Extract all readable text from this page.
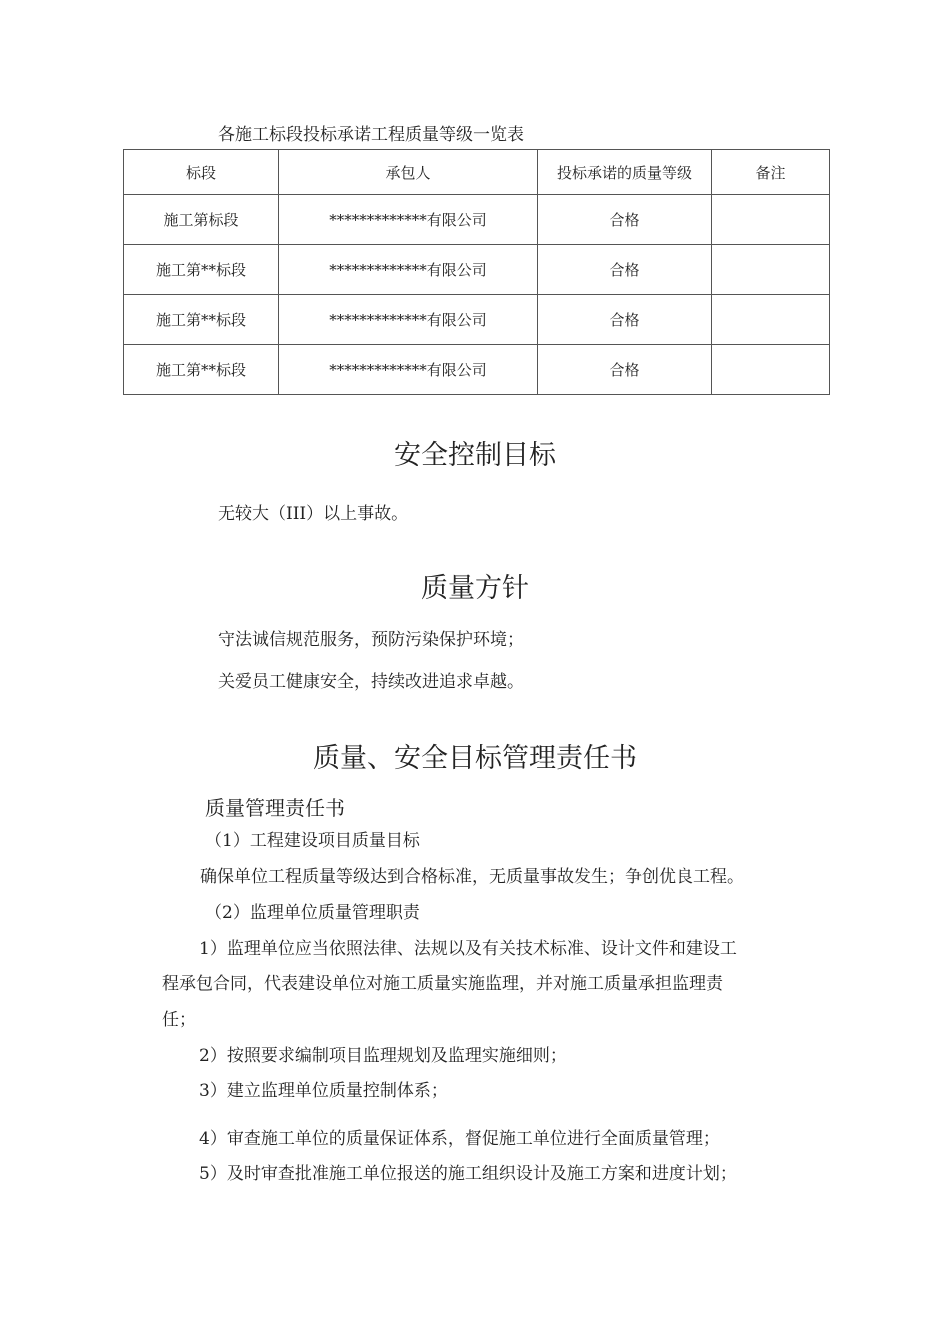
各施工标段投标承诺工程质量等级一览表
标段	承包人	投标承诺的质量等级	备注
施工第标段	*************有限公司	合格	
施工第**标段	*************有限公司	合格	
施工第**标段	*************有限公司	合格	
施工第**标段	*************有限公司	合格	
安全控制目标
无较大（III）以上事故。
质量方针
守法诚信规范服务，预防污染保护环境；
关爱员工健康安全，持续改进追求卓越。
质量、安全目标管理责任书
质量管理责任书
（1）工程建设项目质量目标
确保单位工程质量等级达到合格标准，无质量事故发生；争创优良工程。
（2）监理单位质量管理职责
1）监理单位应当依照法律、法规以及有关技术标准、设计文件和建设工
程承包合同，代表建设单位对施工质量实施监理，并对施工质量承担监理责
任；
2）按照要求编制项目监理规划及监理实施细则；
3）建立监理单位质量控制体系；
4）审查施工单位的质量保证体系，督促施工单位进行全面质量管理；
5）及时审查批准施工单位报送的施工组织设计及施工方案和进度计划；
